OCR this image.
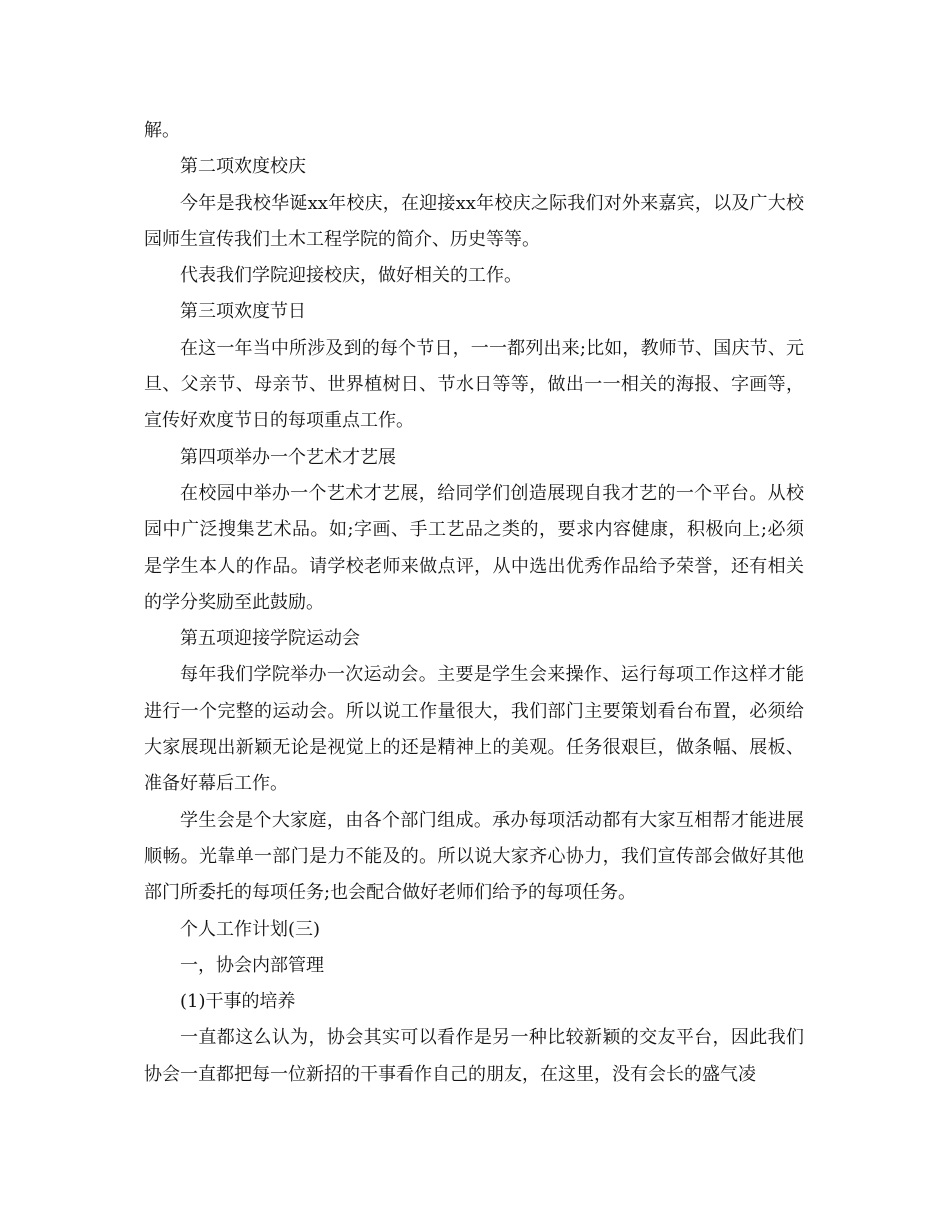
解。

第二项欢度校庆

今年是我校华诞xx年校庆，在迎接xx年校庆之际我们对外来嘉宾，以及广大校园师生宣传我们土木工程学院的简介、历史等等。

代表我们学院迎接校庆，做好相关的工作。

第三项欢度节日

在这一年当中所涉及到的每个节日，一一都列出来;比如，教师节、国庆节、元旦、父亲节、母亲节、世界植树日、节水日等等，做出一一相关的海报、字画等，宣传好欢度节日的每项重点工作。

第四项举办一个艺术才艺展

在校园中举办一个艺术才艺展，给同学们创造展现自我才艺的一个平台。从校园中广泛搜集艺术品。如;字画、手工艺品之类的，要求内容健康，积极向上;必须是学生本人的作品。请学校老师来做点评，从中选出优秀作品给予荣誉，还有相关的学分奖励至此鼓励。

第五项迎接学院运动会

每年我们学院举办一次运动会。主要是学生会来操作、运行每项工作这样才能进行一个完整的运动会。所以说工作量很大，我们部门主要策划看台布置，必须给大家展现出新颖无论是视觉上的还是精神上的美观。任务很艰巨，做条幅、展板、准备好幕后工作。

学生会是个大家庭，由各个部门组成。承办每项活动都有大家互相帮才能进展顺畅。光靠单一部门是力不能及的。所以说大家齐心协力，我们宣传部会做好其他部门所委托的每项任务;也会配合做好老师们给予的每项任务。

个人工作计划(三)

一，协会内部管理

(1)干事的培养

一直都这么认为，协会其实可以看作是另一种比较新颖的交友平台，因此我们协会一直都把每一位新招的干事看作自己的朋友，在这里，没有会长的盛气凌
